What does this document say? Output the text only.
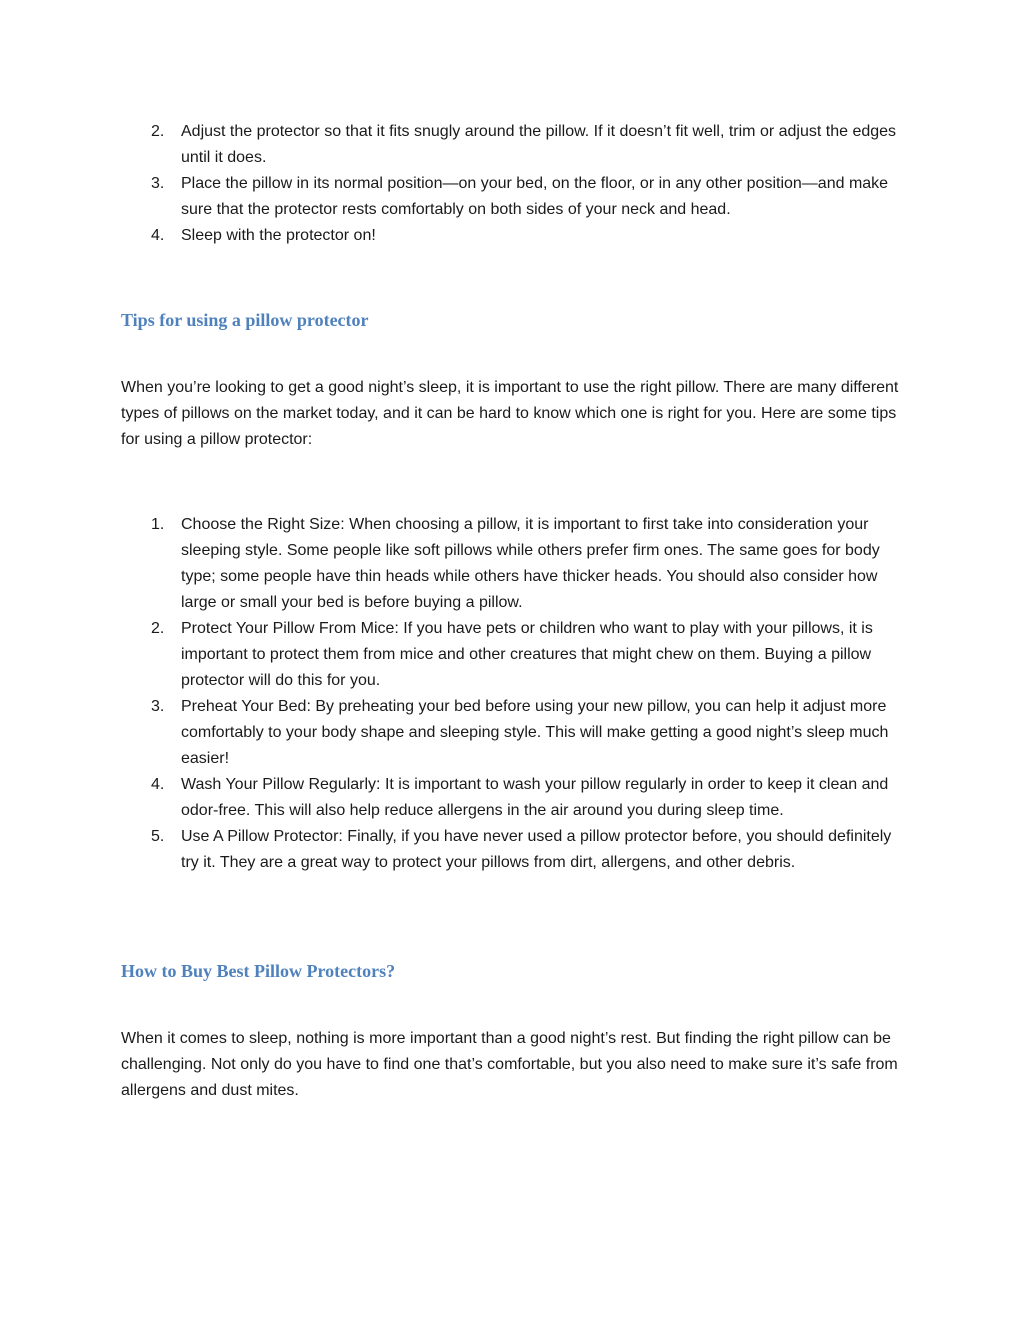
2.	Adjust the protector so that it fits snugly around the pillow. If it doesn’t fit well, trim or adjust the edges until it does.
3.	Place the pillow in its normal position—on your bed, on the floor, or in any other position—and make sure that the protector rests comfortably on both sides of your neck and head.
4.	Sleep with the protector on!
Tips for using a pillow protector

When you’re looking to get a good night’s sleep, it is important to use the right pillow. There are many different types of pillows on the market today, and it can be hard to know which one is right for you. Here are some tips for using a pillow protector:

1.	Choose the Right Size: When choosing a pillow, it is important to first take into consideration your sleeping style. Some people like soft pillows while others prefer firm ones. The same goes for body type; some people have thin heads while others have thicker heads. You should also consider how large or small your bed is before buying a pillow.
2.	Protect Your Pillow From Mice: If you have pets or children who want to play with your pillows, it is important to protect them from mice and other creatures that might chew on them. Buying a pillow protector will do this for you.
3.	Preheat Your Bed: By preheating your bed before using your new pillow, you can help it adjust more comfortably to your body shape and sleeping style. This will make getting a good night’s sleep much easier!
4.	Wash Your Pillow Regularly: It is important to wash your pillow regularly in order to keep it clean and odor-free. This will also help reduce allergens in the air around you during sleep time.
5.	Use A Pillow Protector: Finally, if you have never used a pillow protector before, you should definitely try it. They are a great way to protect your pillows from dirt, allergens, and other debris.
How to Buy Best Pillow Protectors?

When it comes to sleep, nothing is more important than a good night’s rest. But finding the right pillow can be challenging. Not only do you have to find one that’s comfortable, but you also need to make sure it’s safe from allergens and dust mites.
